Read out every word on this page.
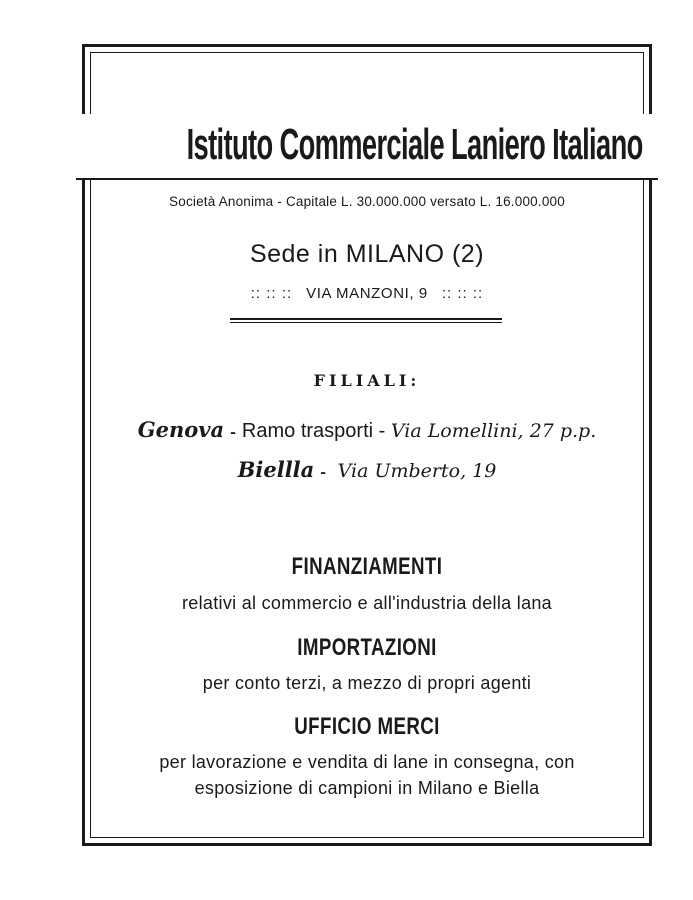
Istituto Commerciale Laniero Italiano
Società Anonima - Capitale L. 30.000.000 versato L. 16.000.000
Sede in MILANO (2)
:: :: :: VIA MANZONI, 9 :: :: ::
FILIALI:
Genova - Ramo trasporti - Via Lomellini, 27 p.p.
Biellla - Via Umberto, 19
FINANZIAMENTI
relativi al commercio e all'industria della lana
IMPORTAZIONI
per conto terzi, a mezzo di propri agenti
UFFICIO MERCI
per lavorazione e vendita di lane in consegna, con
esposizione di campioni in Milano e Biella
